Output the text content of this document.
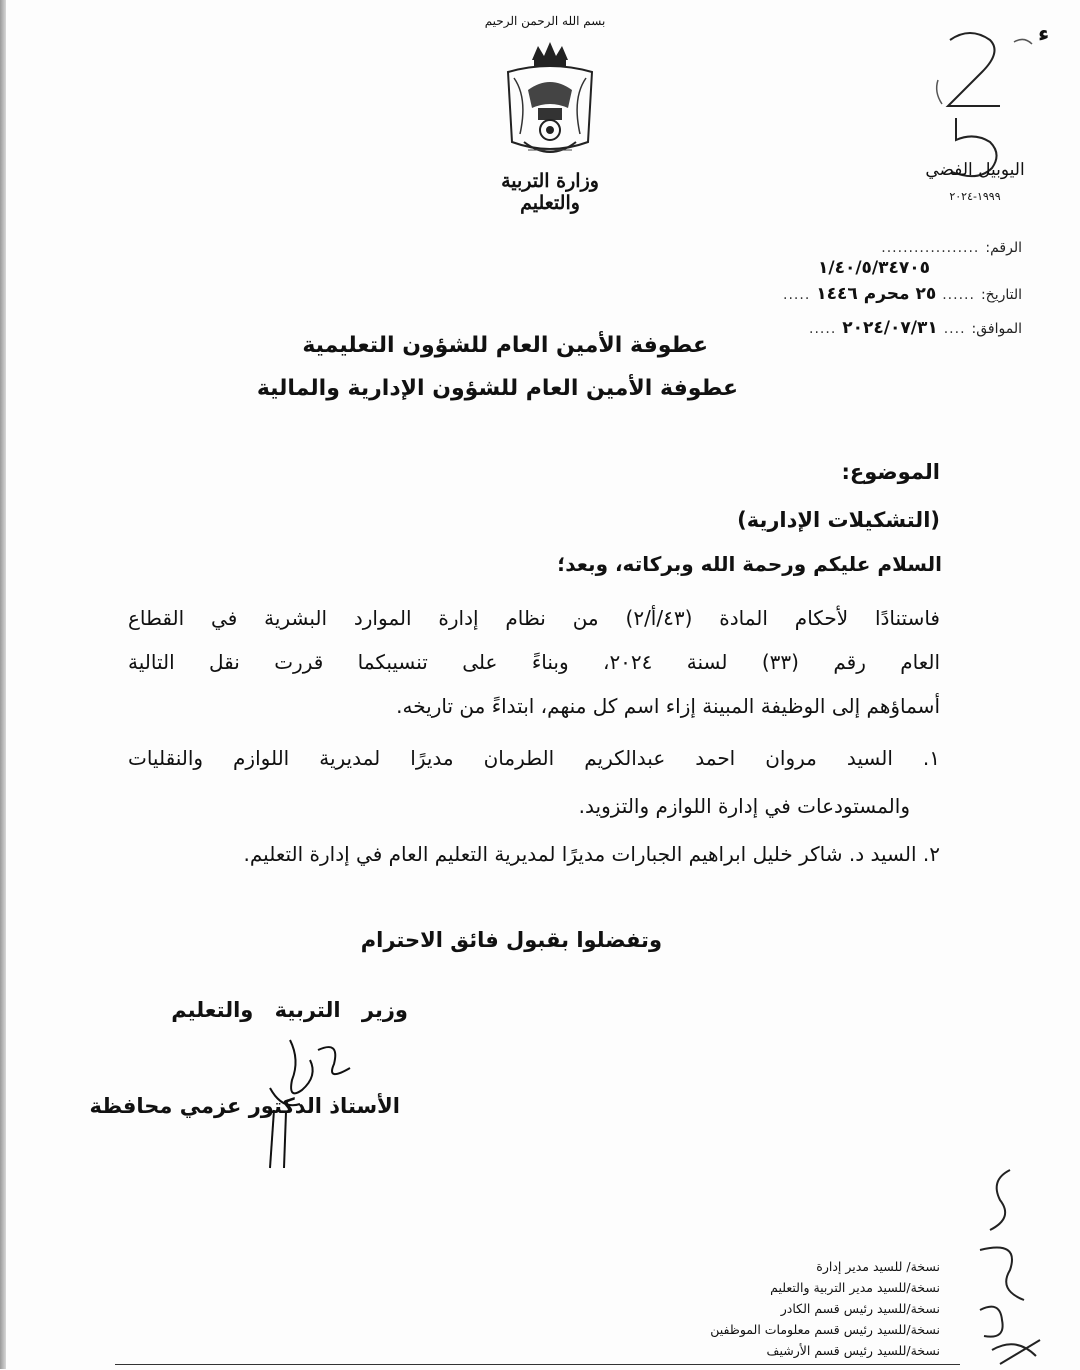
بسم الله الرحمن الرحيم
وزارة التربية والتعليم
اليوبيل الفضي
١٩٩٩-٢٠٢٤
ء
الرقم:
..................
١/٤٠/٥/٣٤٧٠٥
التاريخ:
......
٢٥ محرم ١٤٤٦
.....
الموافق:
....
٢٠٢٤/٠٧/٣١
.....
عطوفة الأمين العام للشؤون التعليمية
عطوفة الأمين العام للشؤون الإدارية والمالية
الموضوع:
(التشكيلات الإدارية)
السلام عليكم ورحمة الله وبركاته، وبعد؛
فاستنادًا لأحكام المادة (٤٣/أ/٢) من نظام إدارة الموارد البشرية في القطاع
العام رقم (٣٣) لسنة ٢٠٢٤، وبناءً على تنسيبكما قررت نقل التالية
أسماؤهم إلى الوظيفة المبينة إزاء اسم كل منهم، ابتداءً من تاريخه.
١. السيد مروان احمد عبدالكريم الطرمان مديرًا لمديرية اللوازم والنقليات
والمستودعات في إدارة اللوازم والتزويد.
٢. السيد د. شاكر خليل ابراهيم الجبارات مديرًا لمديرية التعليم العام في إدارة التعليم.
وتفضلوا بقبول فائق الاحترام
وزير التربية والتعليم
الأستاذ الدكتور عزمي محافظة
نسخة/ للسيد مدير إدارة
نسخة/للسيد مدير التربية والتعليم
نسخة/للسيد رئيس قسم الكادر
نسخة/للسيد رئيس قسم معلومات الموظفين
نسخة/للسيد رئيس قسم الأرشيف
